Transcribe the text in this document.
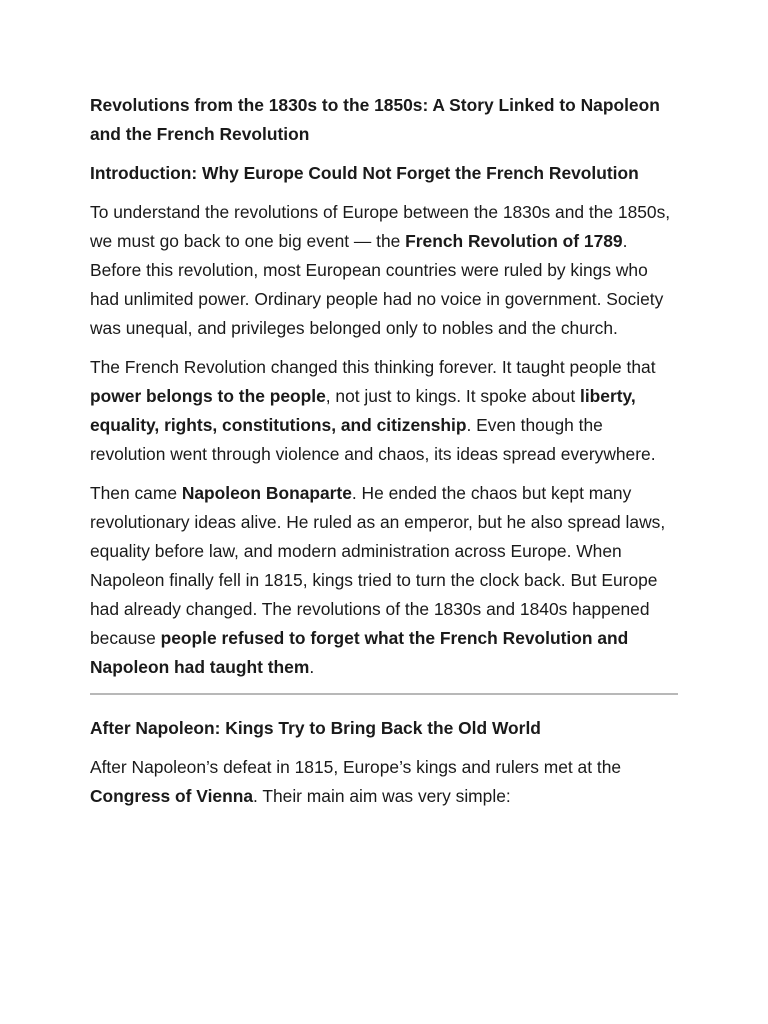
Revolutions from the 1830s to the 1850s: A Story Linked to Napoleon and the French Revolution
Introduction: Why Europe Could Not Forget the French Revolution

To understand the revolutions of Europe between the 1830s and the 1850s, we must go back to one big event — the French Revolution of 1789. Before this revolution, most European countries were ruled by kings who had unlimited power. Ordinary people had no voice in government. Society was unequal, and privileges belonged only to nobles and the church.

The French Revolution changed this thinking forever. It taught people that power belongs to the people, not just to kings. It spoke about liberty, equality, rights, constitutions, and citizenship. Even though the revolution went through violence and chaos, its ideas spread everywhere.

Then came Napoleon Bonaparte. He ended the chaos but kept many revolutionary ideas alive. He ruled as an emperor, but he also spread laws, equality before law, and modern administration across Europe. When Napoleon finally fell in 1815, kings tried to turn the clock back. But Europe had already changed. The revolutions of the 1830s and 1840s happened because people refused to forget what the French Revolution and Napoleon had taught them.

After Napoleon: Kings Try to Bring Back the Old World

After Napoleon’s defeat in 1815, Europe’s kings and rulers met at the Congress of Vienna. Their main aim was very simple:
